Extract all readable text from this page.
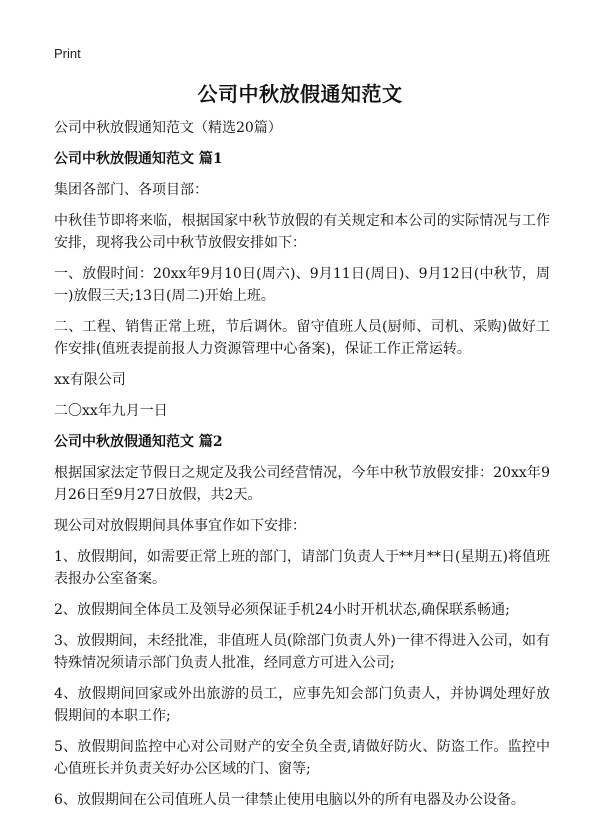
Print
公司中秋放假通知范文

公司中秋放假通知范文（精选20篇）

公司中秋放假通知范文 篇1

集团各部门、各项目部：

中秋佳节即将来临，根据国家中秋节放假的有关规定和本公司的实际情况与工作安排，现将我公司中秋节放假安排如下：

一、放假时间：20xx年9月10日(周六)、9月11日(周日)、9月12日(中秋节，周一)放假三天;13日(周二)开始上班。

二、工程、销售正常上班，节后调休。留守值班人员(厨师、司机、采购)做好工作安排(值班表提前报人力资源管理中心备案)，保证工作正常运转。

xx有限公司

二〇xx年九月一日

公司中秋放假通知范文 篇2

根据国家法定节假日之规定及我公司经营情况，今年中秋节放假安排：20xx年9月26日至9月27日放假，共2天。

现公司对放假期间具体事宜作如下安排：

1、放假期间，如需要正常上班的部门，请部门负责人于**月**日(星期五)将值班表报办公室备案。

2、放假期间全体员工及领导必须保证手机24小时开机状态,确保联系畅通;

3、放假期间，未经批准，非值班人员(除部门负责人外)一律不得进入公司，如有特殊情况须请示部门负责人批准，经同意方可进入公司;

4、放假期间回家或外出旅游的员工，应事先知会部门负责人，并协调处理好放假期间的本职工作;

5、放假期间监控中心对公司财产的安全负全责,请做好防火、防盗工作。监控中心值班长并负责关好办公区域的门、窗等;

6、放假期间在公司值班人员一律禁止使用电脑以外的所有电器及办公设备。
